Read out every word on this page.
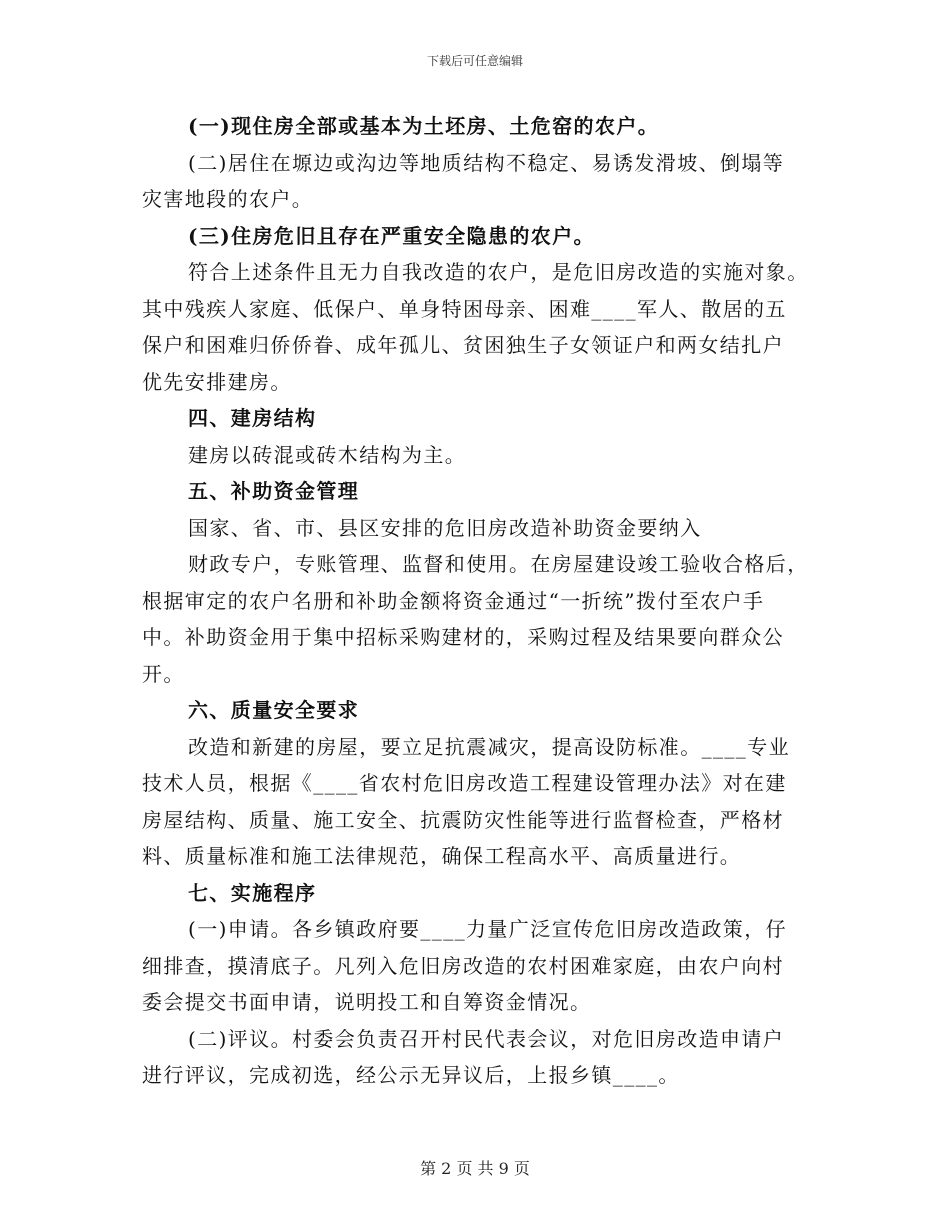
下载后可任意编辑
(一)现住房全部或基本为土坯房、土危窑的农户。
(二)居住在塬边或沟边等地质结构不稳定、易诱发滑坡、倒塌等
灾害地段的农户。
(三)住房危旧且存在严重安全隐患的农户。
符合上述条件且无力自我改造的农户，是危旧房改造的实施对象。
其中残疾人家庭、低保户、单身特困母亲、困难____军人、散居的五
保户和困难归侨侨眷、成年孤儿、贫困独生子女领证户和两女结扎户
优先安排建房。
四、建房结构
建房以砖混或砖木结构为主。
五、补助资金管理
国家、省、市、县区安排的危旧房改造补助资金要纳入
财政专户，专账管理、监督和使用。在房屋建设竣工验收合格后，
根据审定的农户名册和补助金额将资金通过“一折统”拨付至农户手
中。补助资金用于集中招标采购建材的，采购过程及结果要向群众公
开。
六、质量安全要求
改造和新建的房屋，要立足抗震减灾，提高设防标准。____专业
技术人员，根据《____省农村危旧房改造工程建设管理办法》对在建
房屋结构、质量、施工安全、抗震防灾性能等进行监督检查，严格材
料、质量标准和施工法律规范，确保工程高水平、高质量进行。
七、实施程序
(一)申请。各乡镇政府要____力量广泛宣传危旧房改造政策，仔
细排查，摸清底子。凡列入危旧房改造的农村困难家庭，由农户向村
委会提交书面申请，说明投工和自筹资金情况。
(二)评议。村委会负责召开村民代表会议，对危旧房改造申请户
进行评议，完成初选，经公示无异议后，上报乡镇____。
第 2 页 共 9 页
